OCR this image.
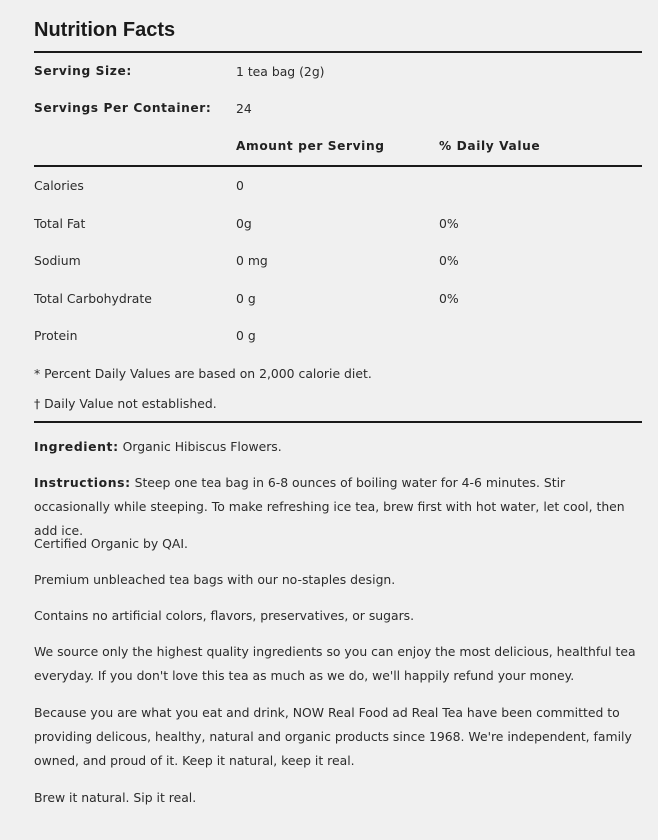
Nutrition Facts
Serving Size:	1 tea bag (2g)
Servings Per Container: 24
Amount per Serving	% Daily Value
Calories	0
Total Fat	0g	0%
Sodium	0 mg	0%
Total Carbohydrate	0 g	0%
Protein	0 g
* Percent Daily Values are based on 2,000 calorie diet.
† Daily Value not established.
Ingredient: Organic Hibiscus Flowers.
Instructions: Steep one tea bag in 6-8 ounces of boiling water for 4-6 minutes. Stir occasionally while steeping. To make refreshing ice tea, brew first with hot water, let cool, then add ice.
Certified Organic by QAI.
Premium unbleached tea bags with our no-staples design.
Contains no artificial colors, flavors, preservatives, or sugars.
We source only the highest quality ingredients so you can enjoy the most delicious, healthful tea everyday. If you don't love this tea as much as we do, we'll happily refund your money.
Because you are what you eat and drink, NOW Real Food ad Real Tea have been committed to providing delicous, healthy, natural and organic products since 1968. We're independent, family owned, and proud of it. Keep it natural, keep it real.
Brew it natural. Sip it real.
